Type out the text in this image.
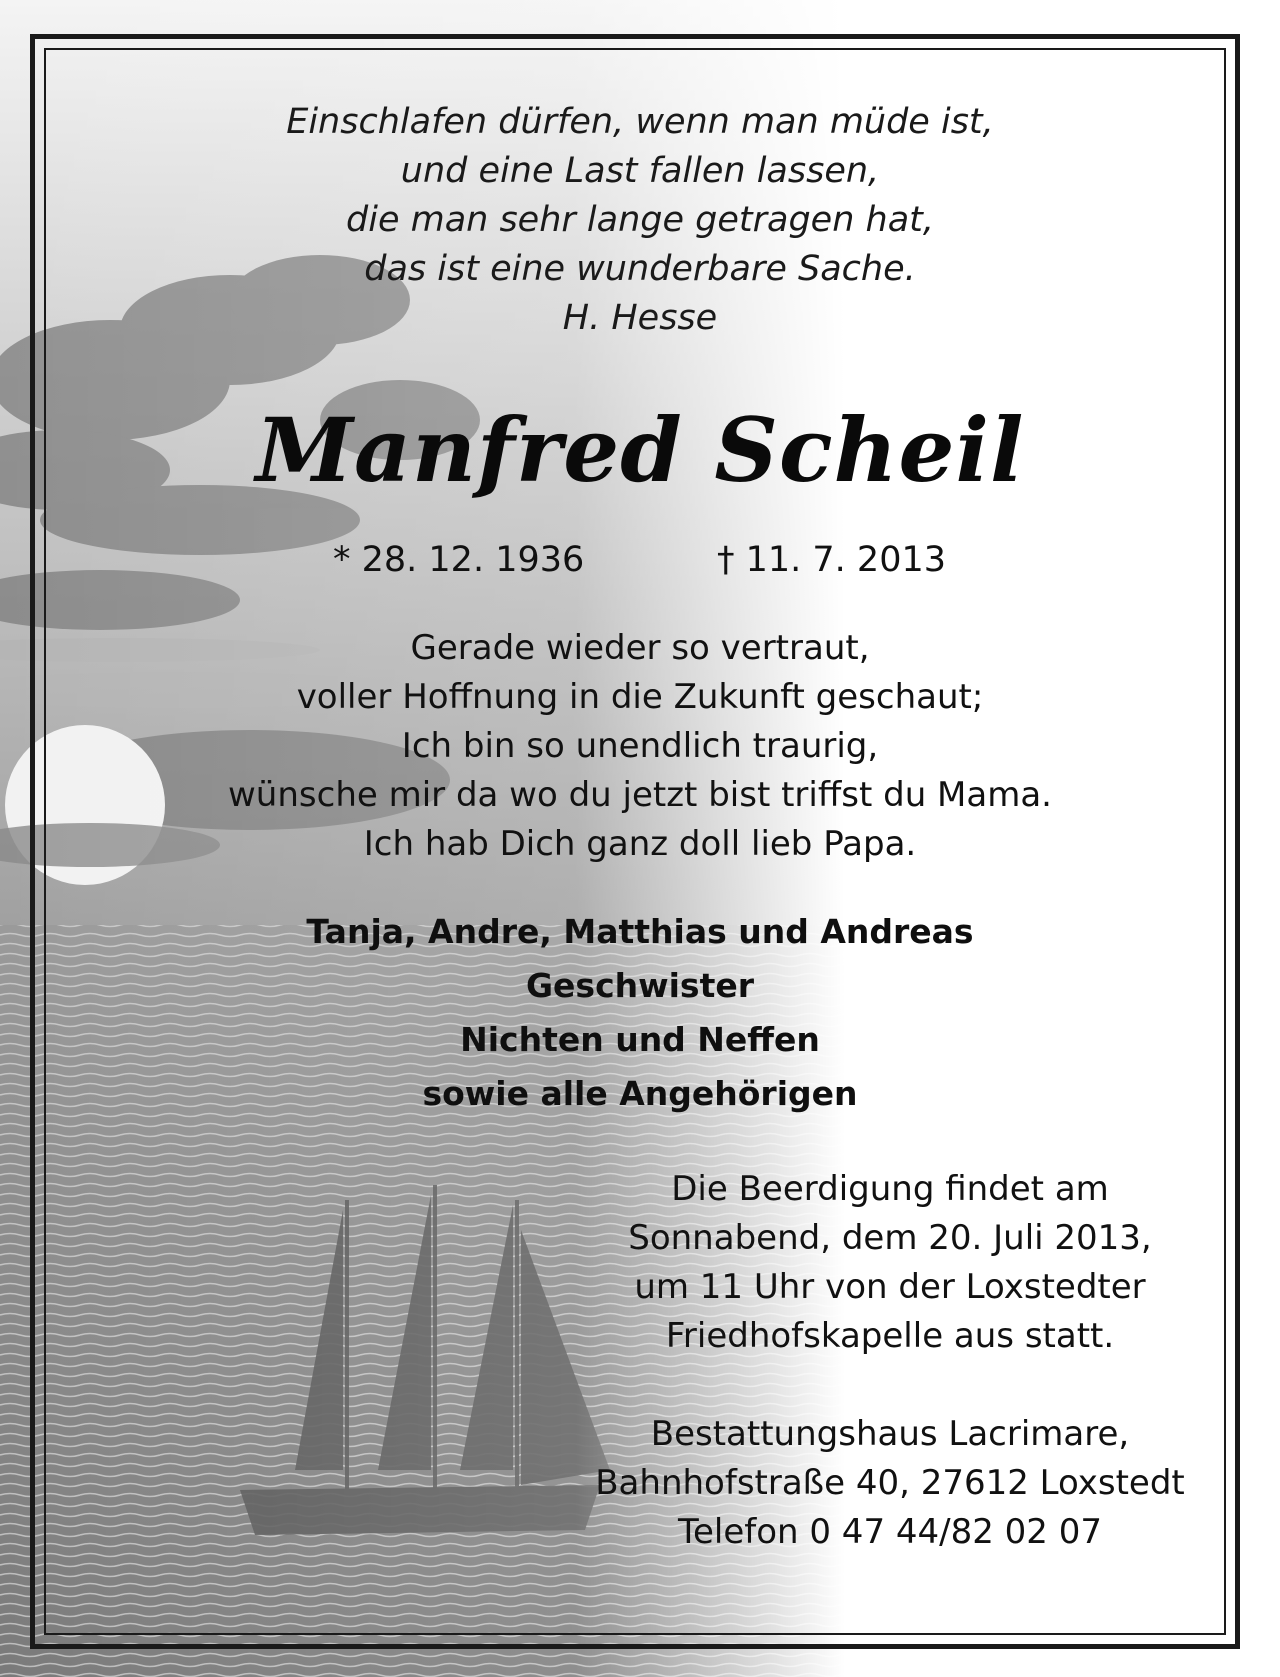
Einschlafen dürfen, wenn man müde ist,
und eine Last fallen lassen,
die man sehr lange getragen hat,
das ist eine wunderbare Sache.
H. Hesse
Manfred Scheil
* 28. 12. 1936	† 11. 7. 2013
Gerade wieder so vertraut,
voller Hoffnung in die Zukunft geschaut;
Ich bin so unendlich traurig,
wünsche mir da wo du jetzt bist triffst du Mama.
Ich hab Dich ganz doll lieb Papa.
Tanja, Andre, Matthias und Andreas
Geschwister
Nichten und Neffen
sowie alle Angehörigen
Die Beerdigung findet am
Sonnabend, dem 20. Juli 2013,
um 11 Uhr von der Loxstedter
Friedhofskapelle aus statt.
Bestattungshaus Lacrimare,
Bahnhofstraße 40, 27612 Loxstedt
Telefon 0 47 44/82 02 07
